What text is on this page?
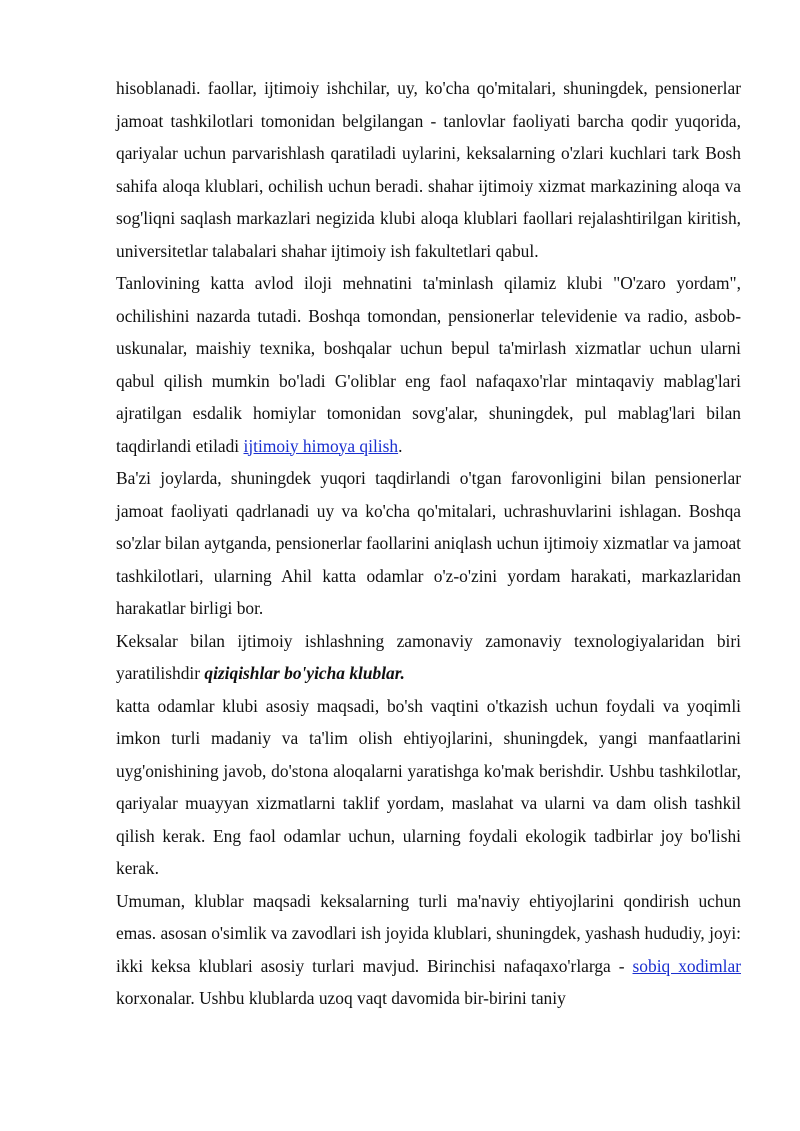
hisoblanadi. faollar, ijtimoiy ishchilar, uy, ko'cha qo'mitalari, shuningdek, pensionerlar jamoat tashkilotlari tomonidan belgilangan - tanlovlar faoliyati barcha qodir yuqorida, qariyalar uchun parvarishlash qaratiladi uylarini, keksalarning o'zlari kuchlari tark Bosh sahifa aloqa klublari, ochilish uchun beradi. shahar ijtimoiy xizmat markazining aloqa va sog'liqni saqlash markazlari negizida klubi aloqa klublari faollari rejalashtirilgan kiritish, universitetlar talabalari shahar ijtimoiy ish fakultetlari qabul.

Tanlovining katta avlod iloji mehnatini ta'minlash qilamiz klubi "O'zaro yordam", ochilishini nazarda tutadi. Boshqa tomondan, pensionerlar televidenie va radio, asbob-uskunalar, maishiy texnika, boshqalar uchun bepul ta'mirlash xizmatlar uchun ularni qabul qilish mumkin bo'ladi G'oliblar eng faol nafaqaxo'rlar mintaqaviy mablag'lari ajratilgan esdalik homiylar tomonidan sovg'alar, shuningdek, pul mablag'lari bilan taqdirlandi etiladi ijtimoiy himoya qilish.

Ba'zi joylarda, shuningdek yuqori taqdirlandi o'tgan farovonligini bilan pensionerlar jamoat faoliyati qadrlanadi uy va ko'cha qo'mitalari, uchrashuvlarini ishlagan. Boshqa so'zlar bilan aytganda, pensionerlar faollarini aniqlash uchun ijtimoiy xizmatlar va jamoat tashkilotlari, ularning Ahil katta odamlar o'z-o'zini yordam harakati, markazlaridan harakatlar birligi bor.

Keksalar bilan ijtimoiy ishlashning zamonaviy zamonaviy texnologiyalaridan biri yaratilishdir qiziqishlar bo'yicha klublar.

katta odamlar klubi asosiy maqsadi, bo'sh vaqtini o'tkazish uchun foydali va yoqimli imkon turli madaniy va ta'lim olish ehtiyojlarini, shuningdek, yangi manfaatlarini uyg'onishining javob, do'stona aloqalarni yaratishga ko'mak berishdir. Ushbu tashkilotlar, qariyalar muayyan xizmatlarni taklif yordam, maslahat va ularni va dam olish tashkil qilish kerak. Eng faol odamlar uchun, ularning foydali ekologik tadbirlar joy bo'lishi kerak.

Umuman, klublar maqsadi keksalarning turli ma'naviy ehtiyojlarini qondirish uchun emas. asosan o'simlik va zavodlari ish joyida klublari, shuningdek, yashash hududiy, joyi: ikki keksa klublari asosiy turlari mavjud. Birinchisi nafaqaxo'rlarga - sobiq xodimlar korxonalar. Ushbu klublarda uzoq vaqt davomida bir-birini taniy
